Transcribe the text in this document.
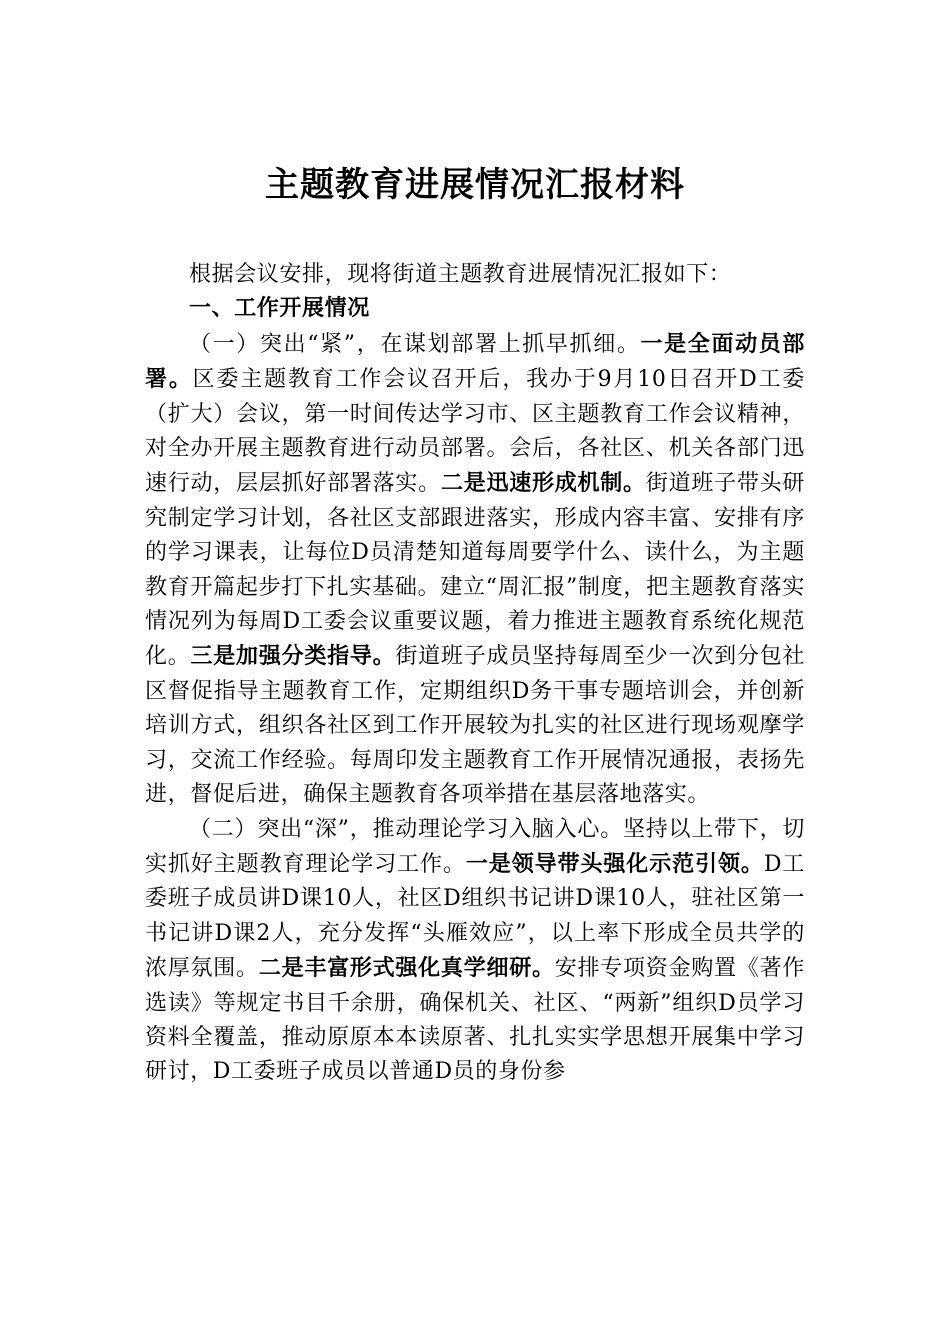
主题教育进展情况汇报材料

根据会议安排，现将街道主题教育进展情况汇报如下：

一、工作开展情况

（一）突出“紧”，在谋划部署上抓早抓细。一是全面动员部署。区委主题教育工作会议召开后，我办于9月10日召开D工委（扩大）会议，第一时间传达学习市、区主题教育工作会议精神，对全办开展主题教育进行动员部署。会后，各社区、机关各部门迅速行动，层层抓好部署落实。二是迅速形成机制。街道班子带头研究制定学习计划，各社区支部跟进落实，形成内容丰富、安排有序的学习课表，让每位D员清楚知道每周要学什么、读什么，为主题教育开篇起步打下扎实基础。建立“周汇报”制度，把主题教育落实情况列为每周D工委会议重要议题，着力推进主题教育系统化规范化。三是加强分类指导。街道班子成员坚持每周至少一次到分包社区督促指导主题教育工作，定期组织D务干事专题培训会，并创新培训方式，组织各社区到工作开展较为扎实的社区进行现场观摩学习，交流工作经验。每周印发主题教育工作开展情况通报，表扬先进，督促后进，确保主题教育各项举措在基层落地落实。

（二）突出“深”，推动理论学习入脑入心。坚持以上带下，切实抓好主题教育理论学习工作。一是领导带头强化示范引领。D工委班子成员讲D课10人，社区D组织书记讲D课10人，驻社区第一书记讲D课2人，充分发挥“头雁效应”，以上率下形成全员共学的浓厚氛围。二是丰富形式强化真学细研。安排专项资金购置《著作选读》等规定书目千余册，确保机关、社区、“两新”组织D员学习资料全覆盖，推动原原本本读原著、扎扎实实学思想开展集中学习研讨，D工委班子成员以普通D员的身份参
